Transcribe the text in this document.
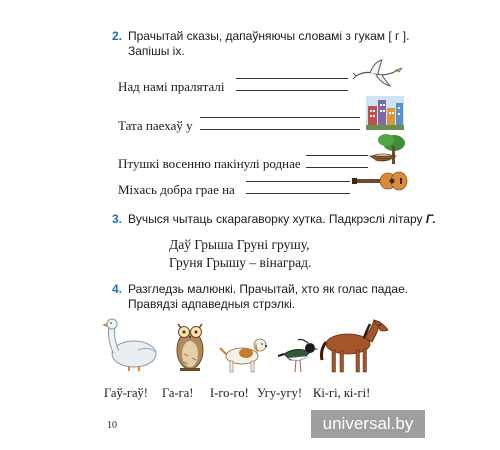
2. Прачытай сказы, дапаўняючы словамі з гукам [ г ].
Запішы іх.
Над намі праляталі
Тата паехаў у
Птушкі восенню пакінулі роднае
Міхась добра грае на
3. Вучыся чытаць скарагаворку хутка. Падкрэслі літару Г.
Даў Грыша Груні грушу,
Груня Грышу – вінаград.
4. Разгледзь малюнкі. Прачытай, хто як голас падае.
Правядзі адпаведныя стрэлкі.
Гаў-гаў! Га-га! І-го-го! Угу-угу! Кі-гі, кі-гі!
10	universal.by
